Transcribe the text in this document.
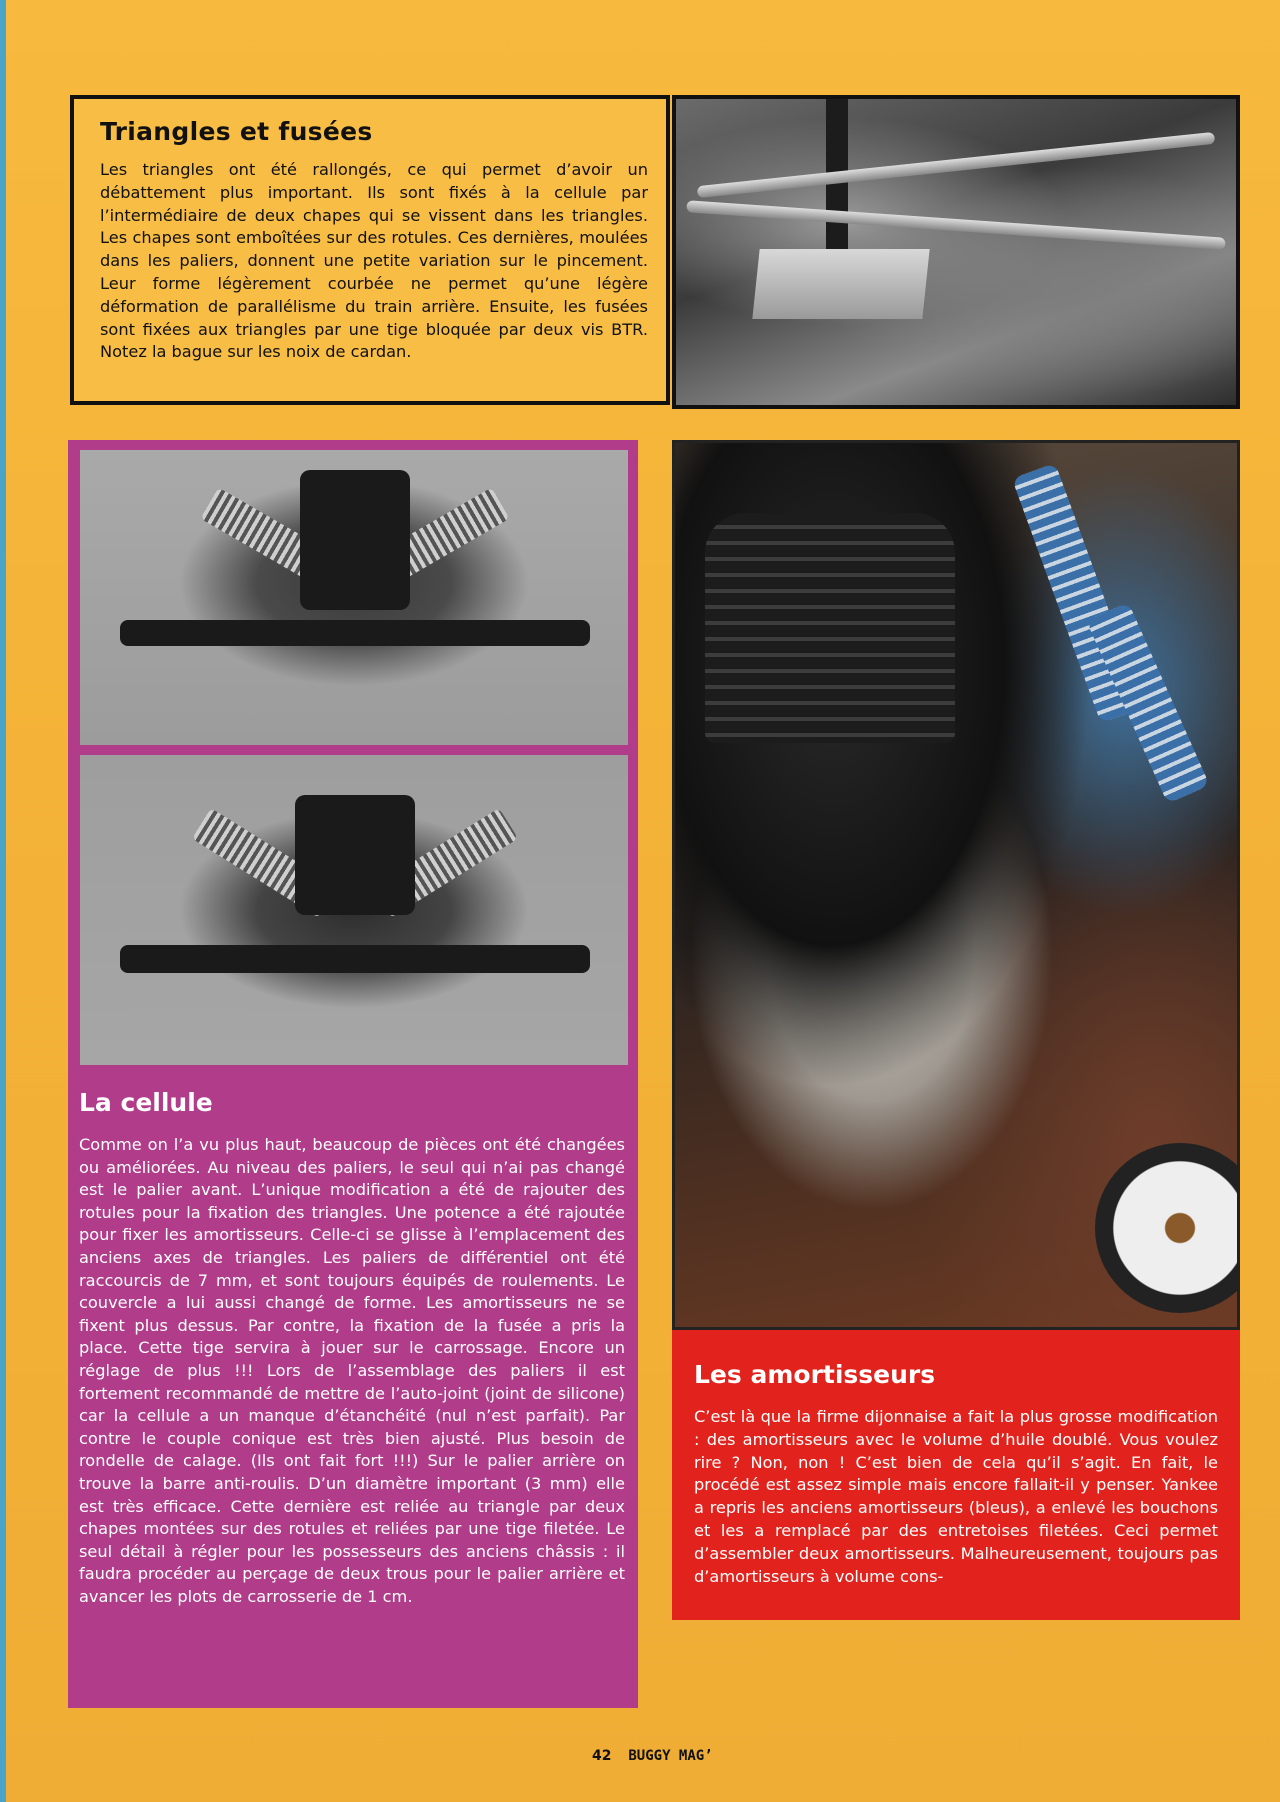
Triangles et fusées

Les triangles ont été rallongés, ce qui permet d’avoir un débattement plus important. Ils sont fixés à la cellule par l’intermédiaire de deux chapes qui se vissent dans les triangles. Les chapes sont emboîtées sur des rotules. Ces dernières, moulées dans les paliers, donnent une petite variation sur le pincement. Leur forme légèrement courbée ne permet qu’une légère déformation de parallélisme du train arrière. Ensuite, les fusées sont fixées aux triangles par une tige bloquée par deux vis BTR. Notez la bague sur les noix de cardan.

La cellule

Comme on l’a vu plus haut, beaucoup de pièces ont été changées ou améliorées. Au niveau des paliers, le seul qui n’ai pas changé est le palier avant. L’unique modification a été de rajouter des rotules pour la fixation des triangles. Une potence a été rajoutée pour fixer les amortisseurs. Celle-ci se glisse à l’emplacement des anciens axes de triangles. Les paliers de différentiel ont été raccourcis de 7 mm, et sont toujours équipés de roulements. Le couvercle a lui aussi changé de forme. Les amortisseurs ne se fixent plus dessus. Par contre, la fixation de la fusée a pris la place. Cette tige servira à jouer sur le carrossage. Encore un réglage de plus !!! Lors de l’assemblage des paliers il est fortement recommandé de mettre de l’auto-joint (joint de silicone) car la cellule a un manque d’étanchéité (nul n’est parfait). Par contre le couple conique est très bien ajusté. Plus besoin de rondelle de calage. (Ils ont fait fort !!!) Sur le palier arrière on trouve la barre anti-roulis. D’un diamètre important (3 mm) elle est très efficace. Cette dernière est reliée au triangle par deux chapes montées sur des rotules et reliées par une tige filetée. Le seul détail à régler pour les possesseurs des anciens châssis : il faudra procéder au perçage de deux trous pour le palier arrière et avancer les plots de carrosserie de 1 cm.

Les amortisseurs

C’est là que la firme dijonnaise a fait la plus grosse modification : des amortisseurs avec le volume d’huile doublé. Vous voulez rire ? Non, non ! C’est bien de cela qu’il s’agit. En fait, le procédé est assez simple mais encore fallait-il y penser. Yankee a repris les anciens amortisseurs (bleus), a enlevé les bouchons et les a remplacé par des entretoises filetées. Ceci permet d’assembler deux amortisseurs. Malheureusement, toujours pas d’amortisseurs à volume cons-

42 BUGGY MAG’
